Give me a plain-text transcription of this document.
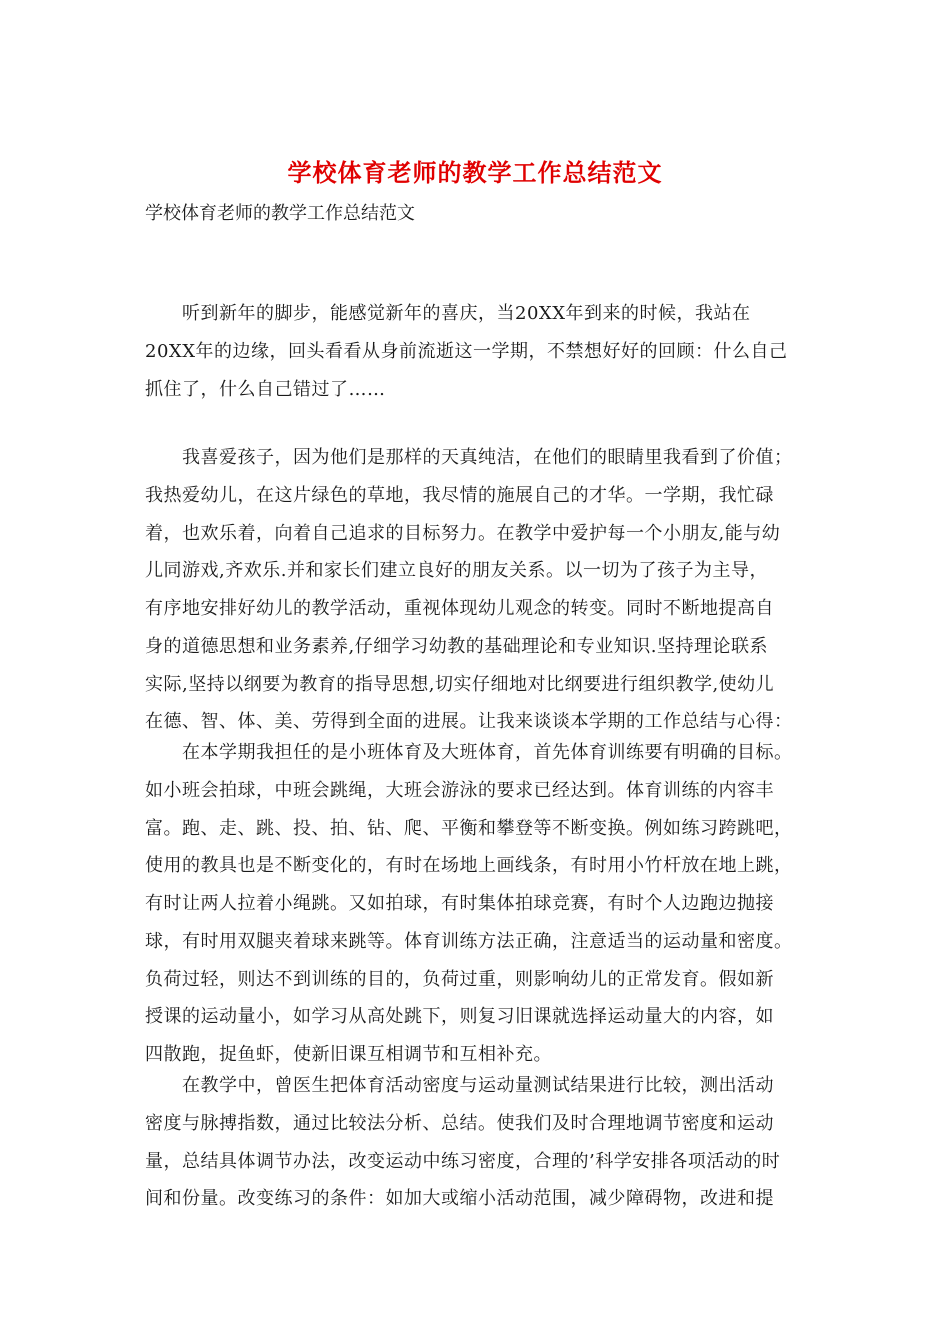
学校体育老师的教学工作总结范文
学校体育老师的教学工作总结范文
　　听到新年的脚步，能感觉新年的喜庆，当20XX年到来的时候，我站在
20XX年的边缘，回头看看从身前流逝这一学期，不禁想好好的回顾：什么自己
抓住了，什么自己错过了……
　　我喜爱孩子，因为他们是那样的天真纯洁，在他们的眼睛里我看到了价值；
我热爱幼儿，在这片绿色的草地，我尽情的施展自己的才华。一学期，我忙碌
着，也欢乐着，向着自己追求的目标努力。在教学中爱护每一个小朋友,能与幼
儿同游戏,齐欢乐.并和家长们建立良好的朋友关系。以一切为了孩子为主导，
有序地安排好幼儿的教学活动，重视体现幼儿观念的转变。同时不断地提高自
身的道德思想和业务素养,仔细学习幼教的基础理论和专业知识.坚持理论联系
实际,坚持以纲要为教育的指导思想,切实仔细地对比纲要进行组织教学,使幼儿
在德、智、体、美、劳得到全面的进展。让我来谈谈本学期的工作总结与心得：
　　在本学期我担任的是小班体育及大班体育，首先体育训练要有明确的目标。
如小班会拍球，中班会跳绳，大班会游泳的要求已经达到。体育训练的内容丰
富。跑、走、跳、投、拍、钻、爬、平衡和攀登等不断变换。例如练习跨跳吧，
使用的教具也是不断变化的，有时在场地上画线条，有时用小竹杆放在地上跳，
有时让两人拉着小绳跳。又如拍球，有时集体拍球竞赛，有时个人边跑边抛接
球，有时用双腿夹着球来跳等。体育训练方法正确，注意适当的运动量和密度。
负荷过轻，则达不到训练的目的，负荷过重，则影响幼儿的正常发育。假如新
授课的运动量小，如学习从高处跳下，则复习旧课就选择运动量大的内容，如
四散跑，捉鱼虾，使新旧课互相调节和互相补充。
　　在教学中，曾医生把体育活动密度与运动量测试结果进行比较，测出活动
密度与脉搏指数，通过比较法分析、总结。使我们及时合理地调节密度和运动
量，总结具体调节办法，改变运动中练习密度，合理的’科学安排各项活动的时
间和份量。改变练习的条件：如加大或缩小活动范围，减少障碍物，改进和提
